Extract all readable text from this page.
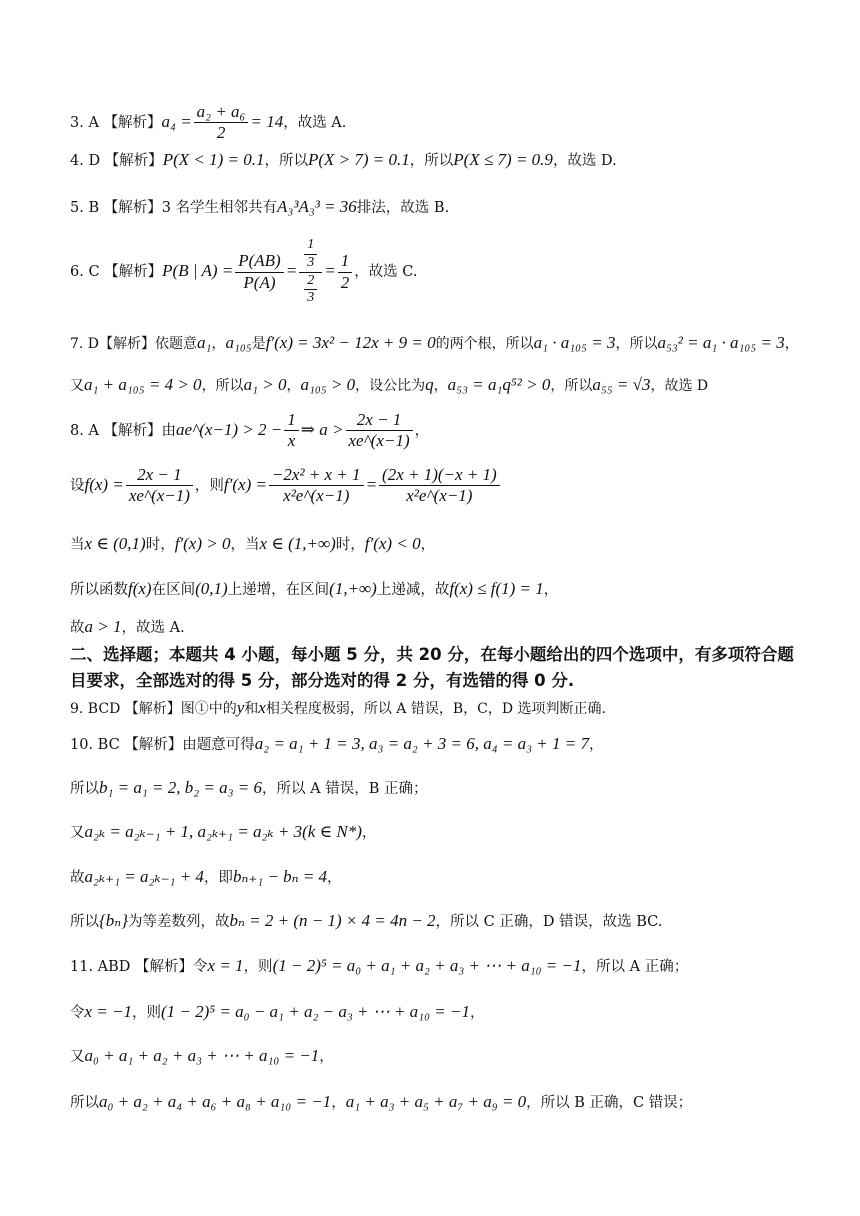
3. A 【解析】$a_4 = \frac{\text{a₂ + a₆}}{2} = 14$，故选 A.
4. D 【解析】P(X < 1) = 0.1，所以P(X > 7) = 0.1，所以P(X ≤ 7) = 0.9，故选 D.
5. B 【解析】3 名学生相邻共有A₃³A₃³ = 36排法，故选 B.
6. C 【解析】P(B | $A) = \frac{P(AB)}{P(A)} = \frac{\frac{1}{3}}{\frac{2}{3}} = \frac{1}{2}$ ，故选 C.
7. D【解析】依题意a₁，a₁₀₅是f′(x) = 3x² − 12x + 9 = 0的两个根，所以a₁ · a₁₀₅ = 3，所以a₅₃² = a₁ · a₁₀₅ = 3，
又a₁ + a₁₀₅ = 4 > 0，所以a₁ > 0，a₁₀₅ > 0，设公比为q，a₅₃ = a₁q⁵² > 0，所以a₅₅ = √3，故选 D
8. A 【解析】由ae^(x−1) > $2 - \frac{1}{x}$ ⇒ $a > \frac{2x - 1}{xe\^{}(x-1)}$ ，
设$f(x) = \frac{2x - 1}{xe\^{}(x-1)}$ ，则$f'(x) = \frac{\text{−2x² + x + 1}}{\text{x²e\textasciicircum{}(x−1)}} = \frac{(2x + 1)(-x + 1)}{\text{x²e\textasciicircum{}(x−1)}}$
当x ∈ (0,1)时，f′(x) > 0，当x ∈ (1,+∞)时，f′(x) < 0，
所以函数f(x)在区间(0,1)上递增，在区间(1,+∞)上递减，故f(x) ≤ f(1) = 1，
故a > 1，故选 A.
二、选择题；本题共 4 小题，每小题 5 分，共 20 分，在每小题给出的四个选项中，有多项符合题目要求，全部选对的得 5 分，部分选对的得 2 分，有选错的得 0 分.
9. BCD 【解析】图①中的y和x相关程度极弱，所以 A 错误，B，C，D 选项判断正确.
10. BC 【解析】由题意可得a₂ = a₁ + 1 = 3, a₃ = a₂ + 3 = 6, a₄ = a₃ + 1 = 7，
所以b₁ = a₁ = 2, b₂ = a₃ = 6，所以 A 错误，B 正确；
又a₂ₖ = a₂ₖ₋₁ + 1, a₂ₖ₊₁ = a₂ₖ + 3(k ∈ N*)，
故a₂ₖ₊₁ = a₂ₖ₋₁ + 4，即bₙ₊₁ − bₙ = 4，
所以{bₙ}为等差数列，故bₙ = 2 + (n − 1) × 4 = 4n − 2，所以 C 正确，D 错误，故选 BC.
11. ABD 【解析】令x = 1，则(1 − 2)⁵ = a₀ + a₁ + a₂ + a₃ + ⋯ + a₁₀ = −1，所以 A 正确；
令x = −1，则(1 − 2)⁵ = a₀ − a₁ + a₂ − a₃ + ⋯ + a₁₀ = −1，
又a₀ + a₁ + a₂ + a₃ + ⋯ + a₁₀ = −1，
所以a₀ + a₂ + a₄ + a₆ + a₈ + a₁₀ = −1，a₁ + a₃ + a₅ + a₇ + a₉ = 0，所以 B 正确，C 错误；
